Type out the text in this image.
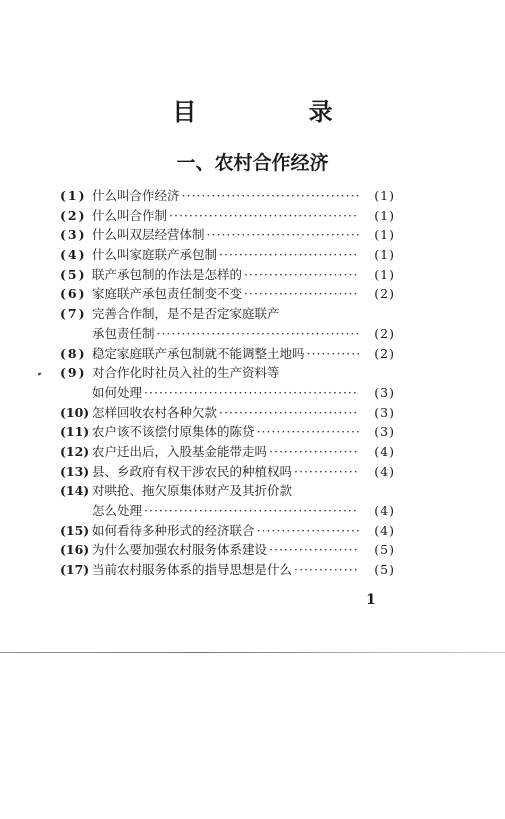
目 录
一、农村合作经济
(1) 什么叫合作经济 ·····	(1)
(2) 什么叫合作制 ·····	(1)
(3) 什么叫双层经营体制 ·····	(1)
(4) 什么叫家庭联产承包制 ·····	(1)
(5) 联产承包制的作法是怎样的 ·····	(1)
(6) 家庭联产承包责任制变不变 ·····	(2)
(7) 完善合作制，是不是否定家庭联产
承包责任制 ·····	(2)
(8) 稳定家庭联产承包制就不能调整土地吗 ·····	(2)
(9) 对合作化时社员入社的生产资料等
如何处理 ·····	(3)
(10) 怎样回收农村各种欠款 ·····	(3)
(11) 农户该不该偿付原集体的陈贷 ·····	(3)
(12) 农户迁出后，入股基金能带走吗 ·····	(4)
(13) 县、乡政府有权干涉农民的种植权吗 ·····	(4)
(14) 对哄抢、拖欠原集体财产及其折价款
怎么处理 ·····	(4)
(15) 如何看待多种形式的经济联合 ·····	(4)
(16) 为什么要加强农村服务体系建设 ·····	(5)
(17) 当前农村服务体系的指导思想是什么 ·····	(5)
1
